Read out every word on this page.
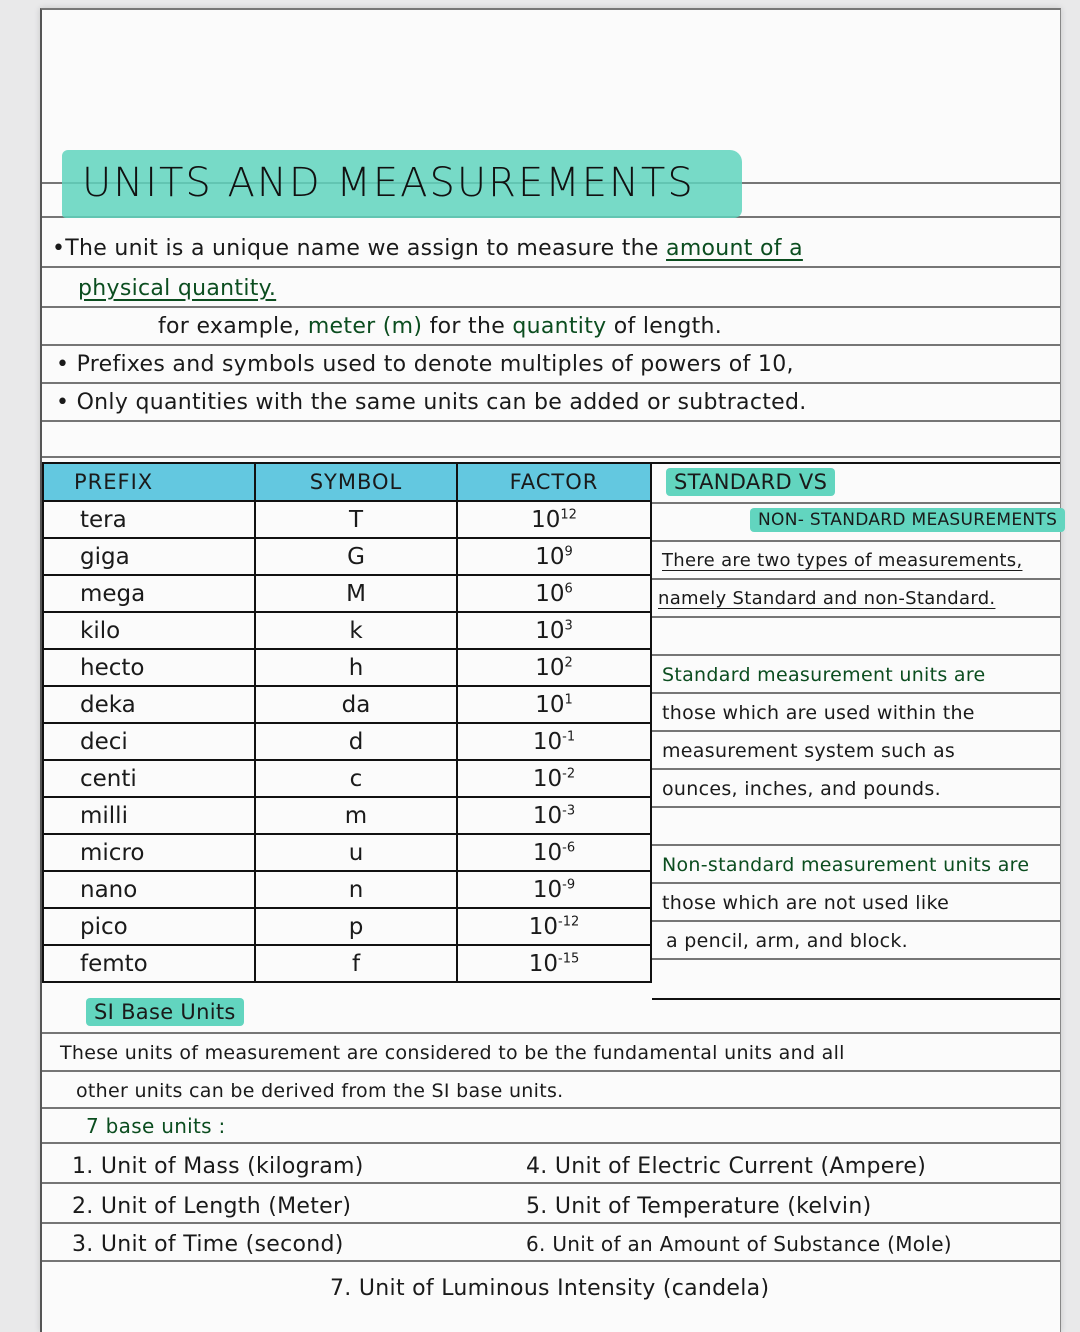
UNITS AND MEASUREMENTS
•The unit is a unique name we assign to measure the amount of a
physical quantity.
for example, meter (m) for the quantity of length.
• Prefixes and symbols used to denote multiples of powers of 10,
• Only quantities with the same units can be added or subtracted.
PREFIX	SYMBOL	FACTOR
tera	T	$10^{12}$
giga	G	$10^9$
mega	M	$10^6$
kilo	k	$10^3$
hecto	h	$10^2$
deka	da	$10^1$
deci	d	$10^{-1}$
centi	c	$10^{-2}$
milli	m	$10^{-3}$
micro	u	$10^{-6}$
nano	n	$10^{-9}$
pico	p	$10^{-12}$
femto	f	$10^{-15}$
STANDARD VS
NON- STANDARD MEASUREMENTS
There are two types of measurements,
namely Standard and non-Standard.
Standard measurement units are
those which are used within the
measurement system such as
ounces, inches, and pounds.
Non-standard measurement units are
those which are not used like
a pencil, arm, and block.
SI Base Units
These units of measurement are considered to be the fundamental units and all
other units can be derived from the SI base units.
7 base units :
1. Unit of Mass (kilogram)
2. Unit of Length (Meter)
3. Unit of Time (second)
4. Unit of Electric Current (Ampere)
5. Unit of Temperature (kelvin)
6. Unit of an Amount of Substance (Mole)
7. Unit of Luminous Intensity (candela)
